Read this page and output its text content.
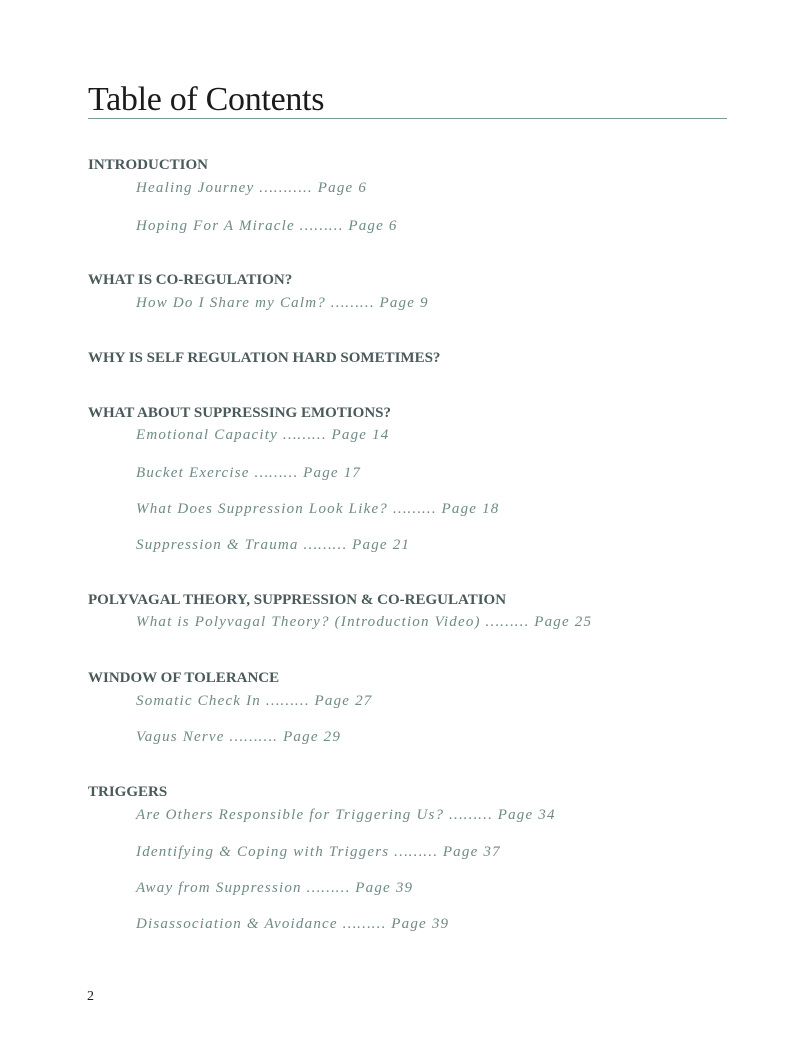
Table of Contents
INTRODUCTION
Healing Journey ……….. Page 6
Hoping For A Miracle ……… Page 6
WHAT IS CO-REGULATION?
How Do I Share my Calm? ……… Page 9
WHY IS SELF REGULATION HARD SOMETIMES?
WHAT ABOUT SUPPRESSING EMOTIONS?
Emotional Capacity ……… Page 14
Bucket Exercise ……… Page 17
What Does Suppression Look Like? ……… Page 18
Suppression & Trauma ……… Page 21
POLYVAGAL THEORY, SUPPRESSION & CO-REGULATION
What is Polyvagal Theory? (Introduction Video) ……… Page 25
WINDOW OF TOLERANCE
Somatic Check In ……… Page 27
Vagus Nerve ………. Page 29
TRIGGERS
Are Others Responsible for Triggering Us? ……… Page 34
Identifying & Coping with Triggers ……… Page 37
Away from Suppression ……… Page 39
Disassociation & Avoidance ……… Page 39
2
